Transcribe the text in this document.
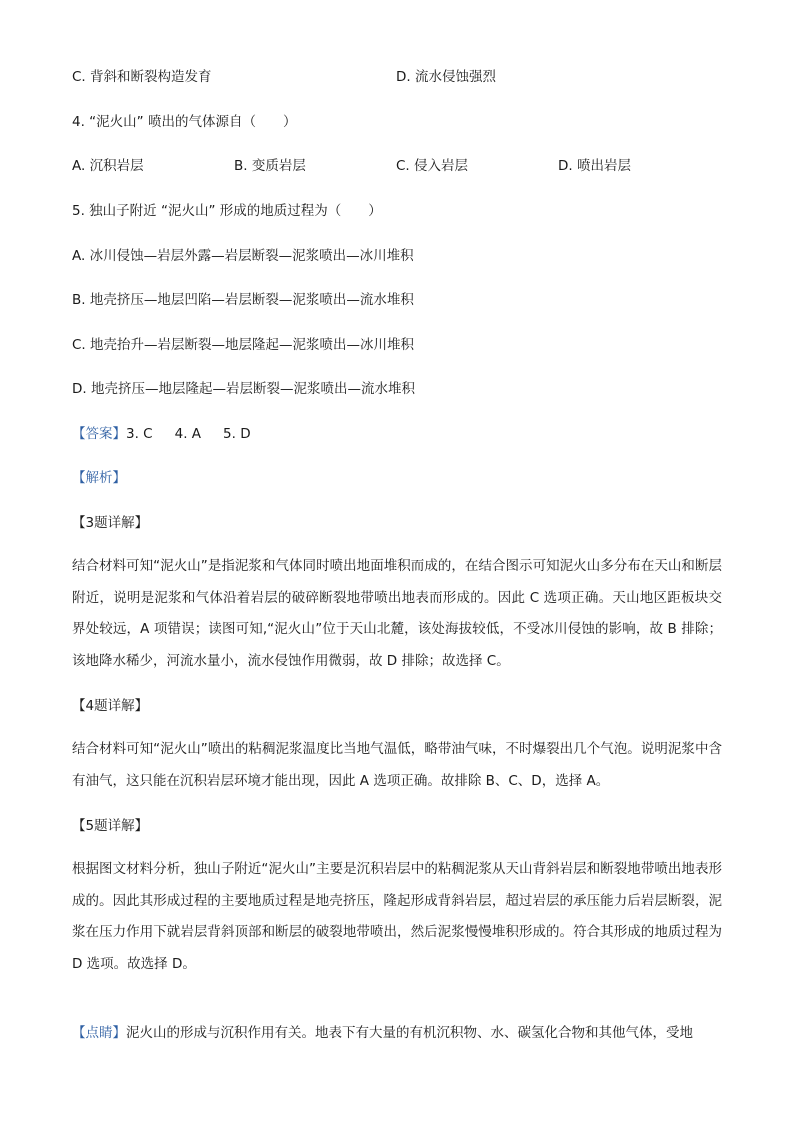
C. 背斜和断裂构造发育	D. 流水侵蚀强烈
4. “泥火山” 喷出的气体源自（　　）
A. 沉积岩层	B. 变质岩层	C. 侵入岩层	D. 喷出岩层
5. 独山子附近 “泥火山” 形成的地质过程为（　　）
A. 冰川侵蚀—岩层外露—岩层断裂—泥浆喷出—冰川堆积
B. 地壳挤压—地层凹陷—岩层断裂—泥浆喷出—流水堆积
C. 地壳抬升—岩层断裂—地层隆起—泥浆喷出—冰川堆积
D. 地壳挤压—地层隆起—岩层断裂—泥浆喷出—流水堆积
【答案】3. C 4. A 5. D
【解析】
【3题详解】
结合材料可知“泥火山”是指泥浆和气体同时喷出地面堆积而成的，在结合图示可知泥火山多分布在天山和断层附近，说明是泥浆和气体沿着岩层的破碎断裂地带喷出地表而形成的。因此 C 选项正确。天山地区距板块交界处较远，A 项错误；读图可知,“泥火山”位于天山北麓，该处海拔较低，不受冰川侵蚀的影响，故 B 排除；该地降水稀少，河流水量小，流水侵蚀作用微弱，故 D 排除；故选择 C。
【4题详解】
结合材料可知“泥火山”喷出的粘稠泥浆温度比当地气温低，略带油气味，不时爆裂出几个气泡。说明泥浆中含有油气，这只能在沉积岩层环境才能出现，因此 A 选项正确。故排除 B、C、D，选择 A。
【5题详解】
根据图文材料分析，独山子附近“泥火山”主要是沉积岩层中的粘稠泥浆从天山背斜岩层和断裂地带喷出地表形成的。因此其形成过程的主要地质过程是地壳挤压，隆起形成背斜岩层，超过岩层的承压能力后岩层断裂，泥浆在压力作用下就岩层背斜顶部和断层的破裂地带喷出，然后泥浆慢慢堆积形成的。符合其形成的地质过程为 D 选项。故选择 D。
【点睛】泥火山的形成与沉积作用有关。地表下有大量的有机沉积物、水、碳氢化合物和其他气体，受地
